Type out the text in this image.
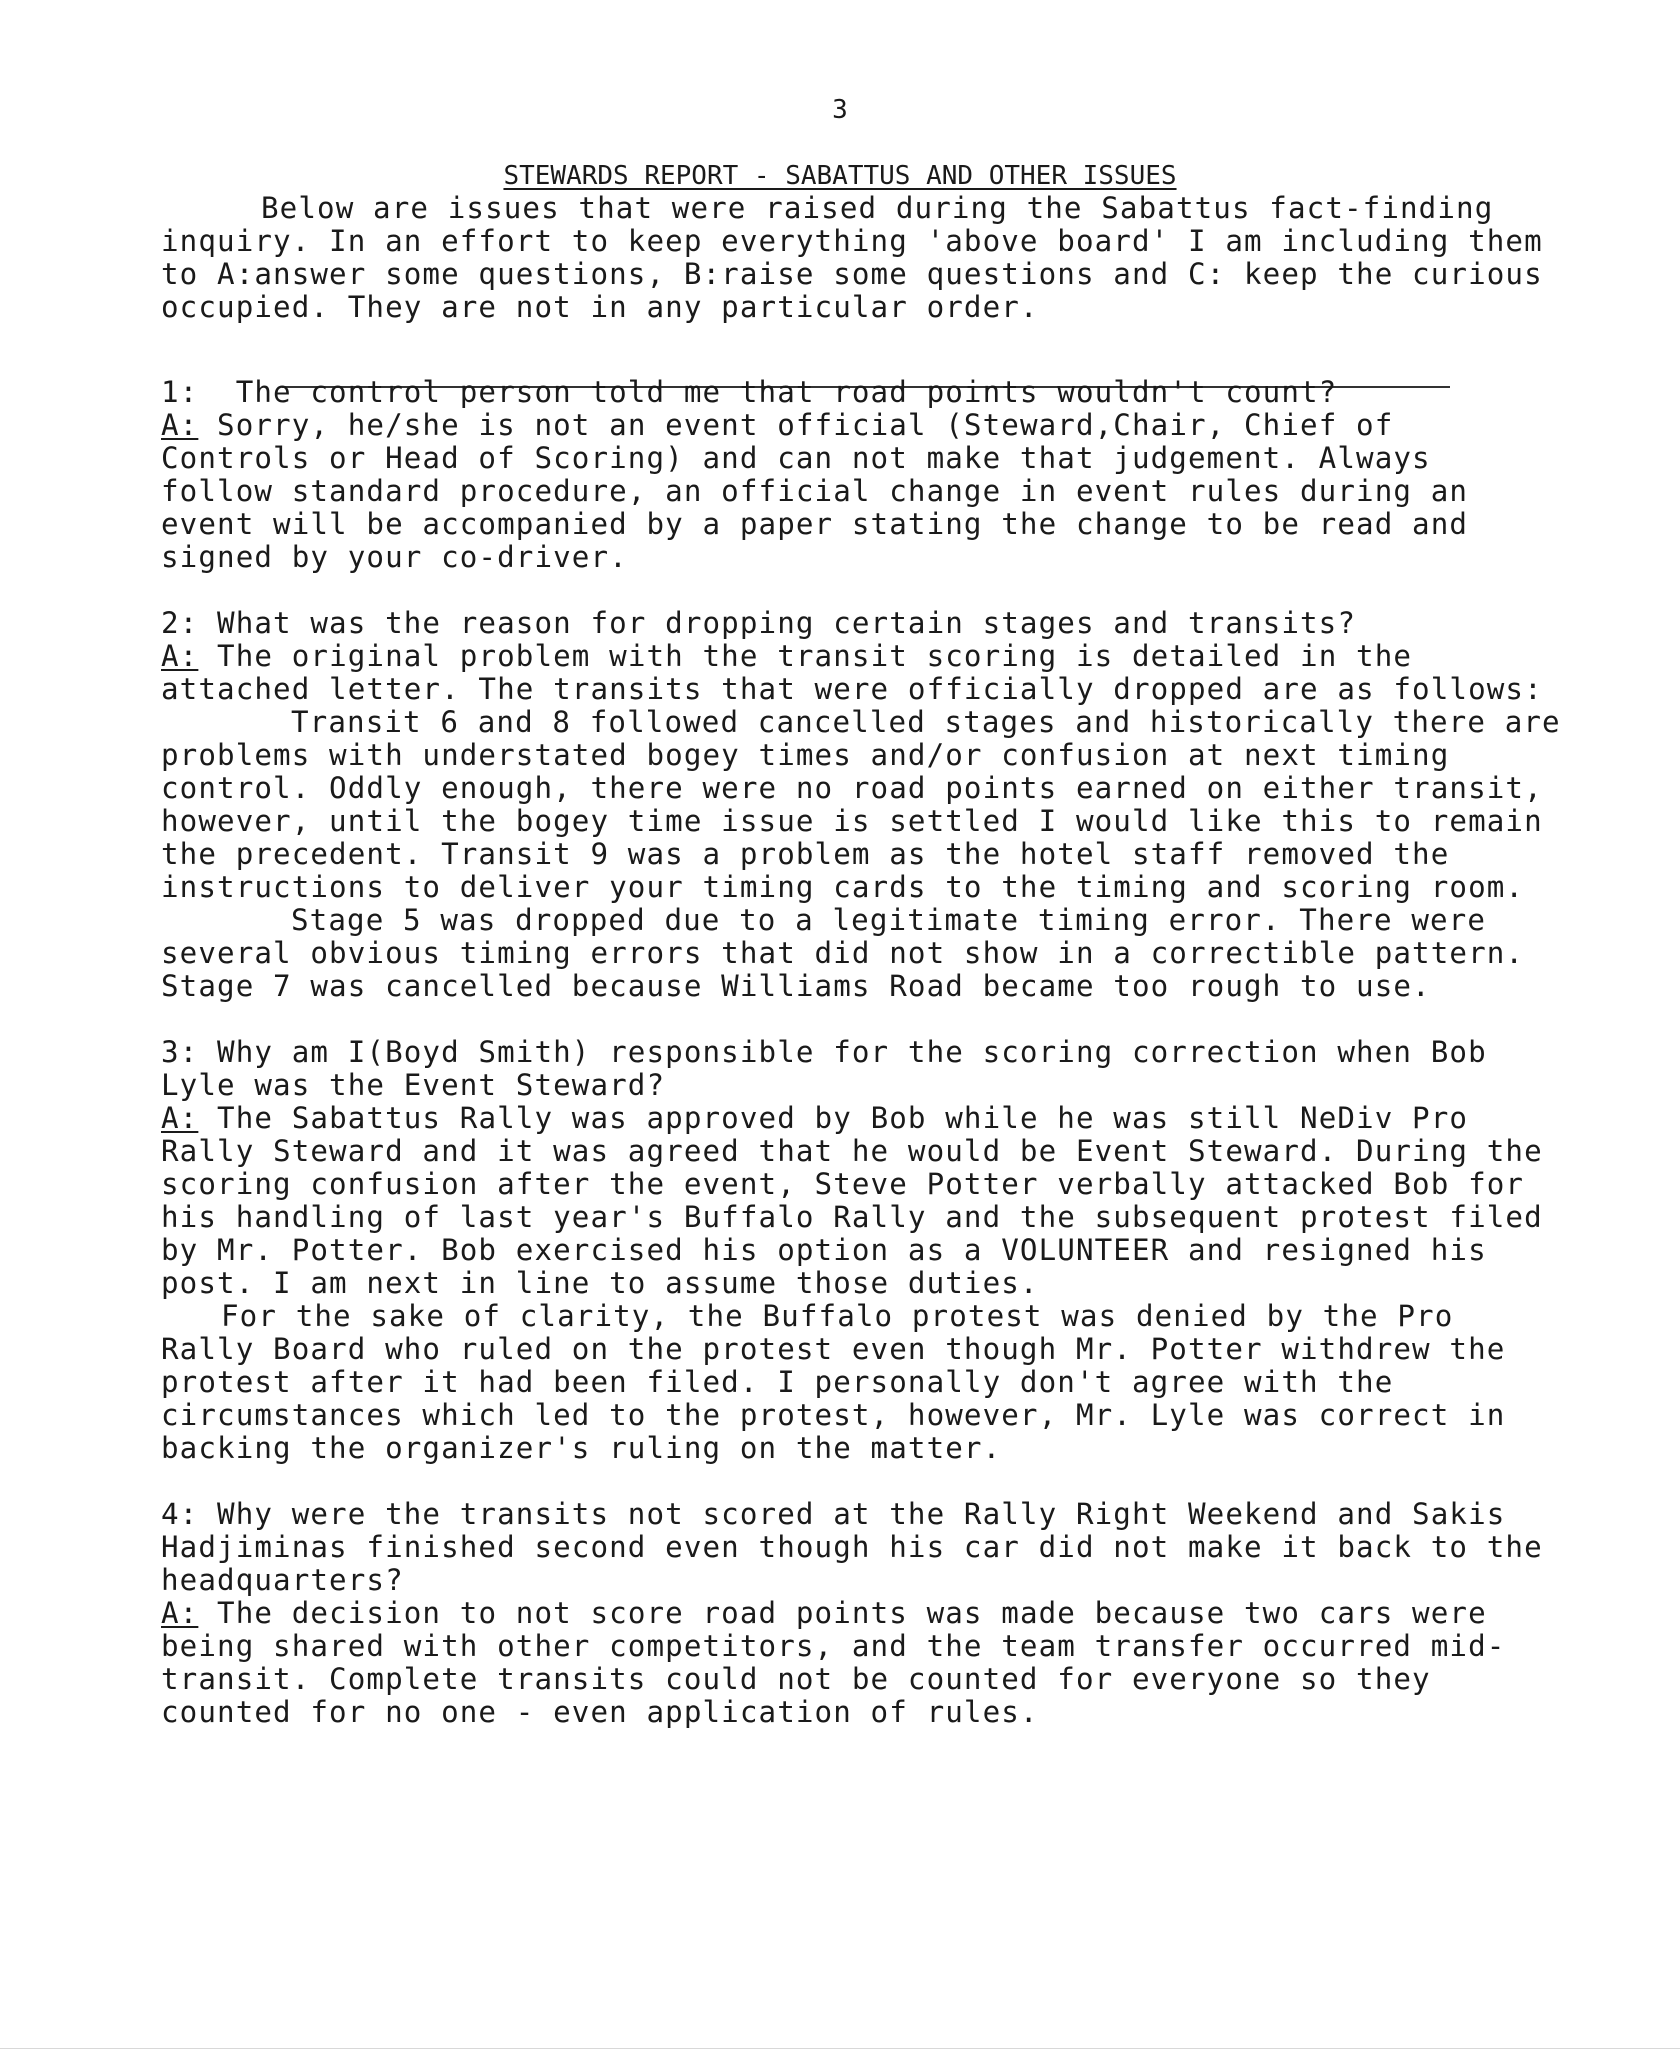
3
STEWARDS REPORT - SABATTUS AND OTHER ISSUES

Below are issues that were raised during the Sabattus fact-finding inquiry. In an effort to keep everything 'above board' I am including them to A:answer some questions, B:raise some questions and C: keep the curious occupied. They are not in any particular order.

1:  The control person told me that road points wouldn't count?

A: Sorry, he/she is not an event official (Steward,Chair, Chief of Controls or Head of Scoring) and can not make that judgement. Always follow standard procedure, an official change in event rules during an event will be accompanied by a paper stating the change to be read and signed by your co-driver.

2: What was the reason for dropping certain stages and transits?

A: The original problem with the transit scoring is detailed in the attached letter. The transits that were officially dropped are as follows:

Transit 6 and 8 followed cancelled stages and historically there are problems with understated bogey times and/or confusion at next timing control. Oddly enough, there were no road points earned on either transit, however, until the bogey time issue is settled I would like this to remain the precedent. Transit 9 was a problem as the hotel staff removed the instructions to deliver your timing cards to the timing and scoring room.

Stage 5 was dropped due to a legitimate timing error. There were several obvious timing errors that did not show in a correctible pattern. Stage 7 was cancelled because Williams Road became too rough to use.

3: Why am I(Boyd Smith) responsible for the scoring correction when Bob Lyle was the Event Steward?

A: The Sabattus Rally was approved by Bob while he was still NeDiv Pro Rally Steward and it was agreed that he would be Event Steward. During the scoring confusion after the event, Steve Potter verbally attacked Bob for his handling of last year's Buffalo Rally and the subsequent protest filed by Mr. Potter. Bob exercised his option as a VOLUNTEER and resigned his post. I am next in line to assume those duties.

For the sake of clarity, the Buffalo protest was denied by the Pro Rally Board who ruled on the protest even though Mr. Potter withdrew the protest after it had been filed. I personally don't agree with the circumstances which led to the protest, however, Mr. Lyle was correct in backing the organizer's ruling on the matter.

4: Why were the transits not scored at the Rally Right Weekend and Sakis Hadjiminas finished second even though his car did not make it back to the headquarters?

A: The decision to not score road points was made because two cars were being shared with other competitors, and the team transfer occurred mid-transit. Complete transits could not be counted for everyone so they counted for no one - even application of rules.
